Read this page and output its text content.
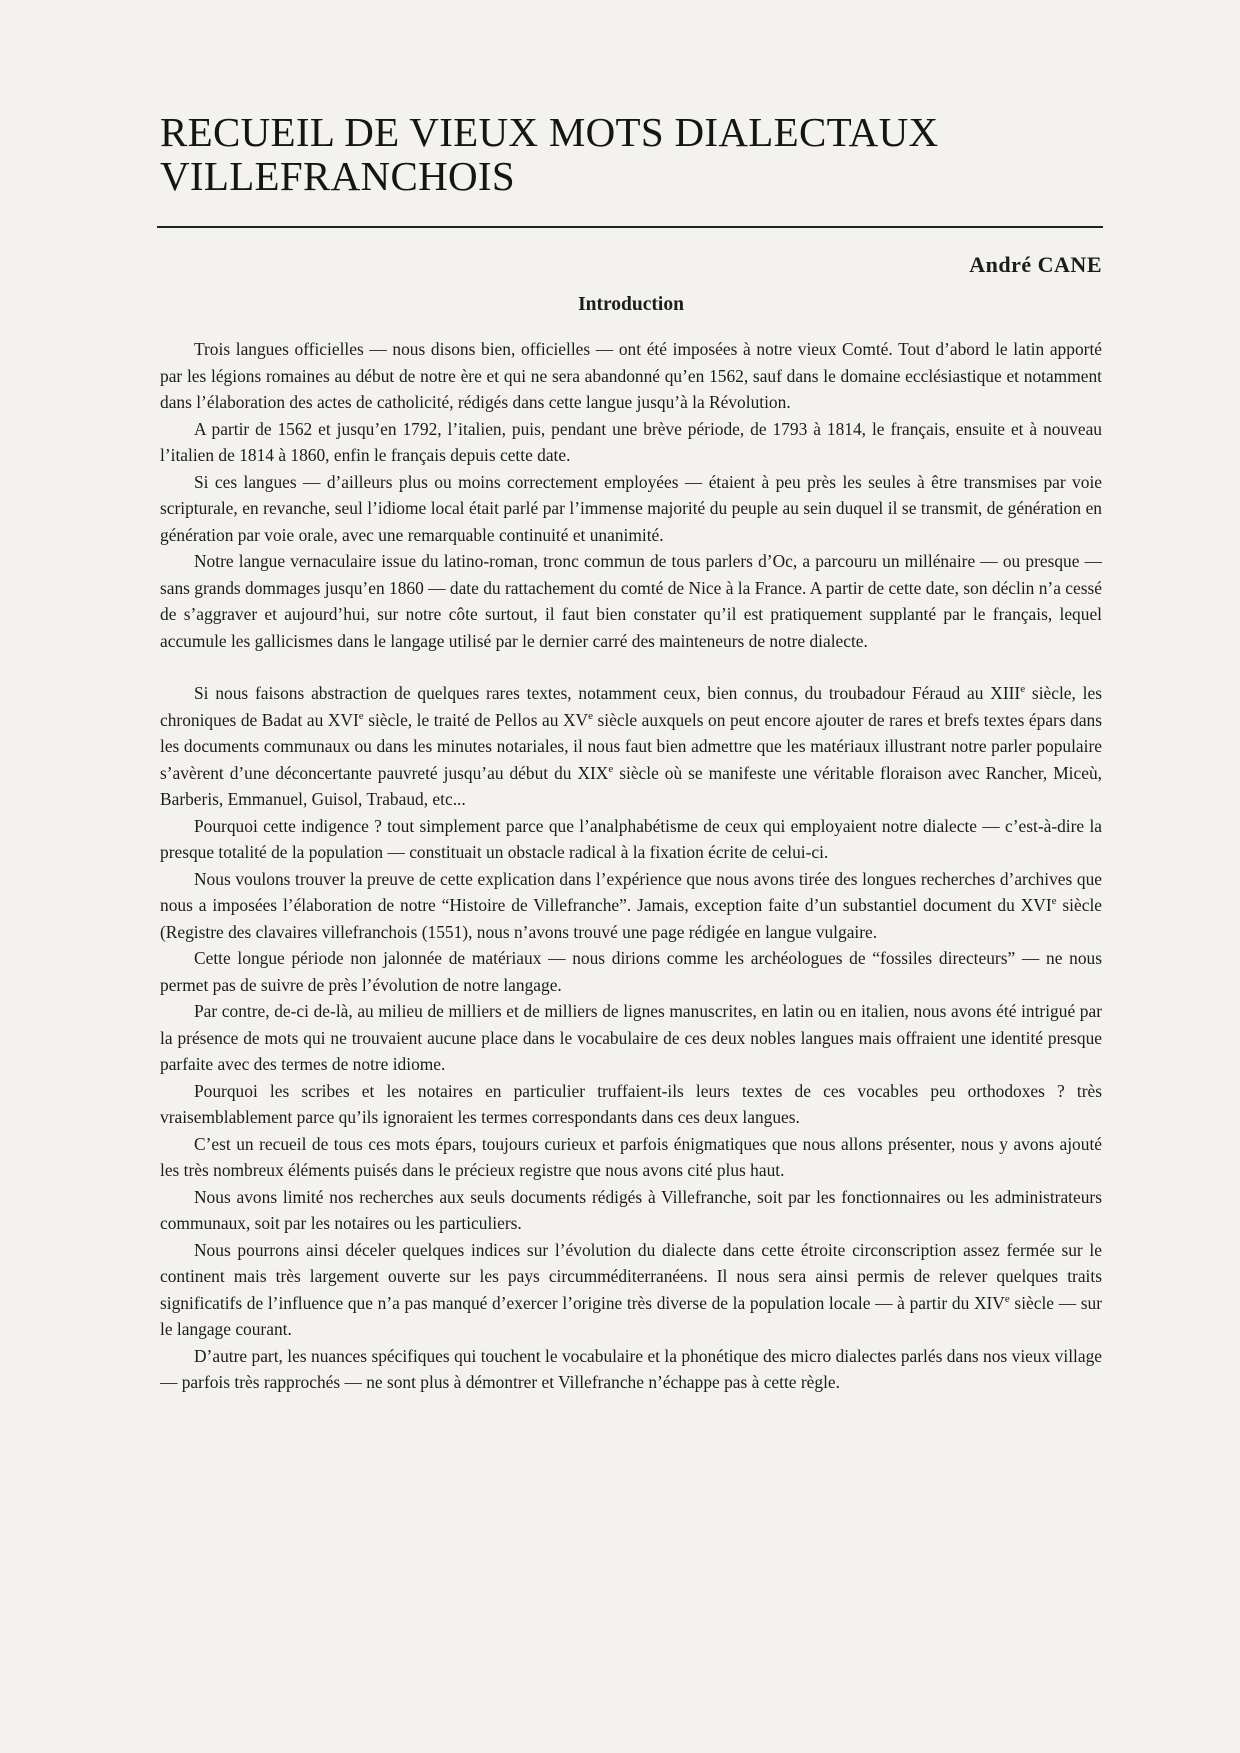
RECUEIL DE VIEUX MOTS DIALECTAUX
VILLEFRANCHOIS
André CANE
Introduction

Trois langues officielles — nous disons bien, officielles — ont été imposées à notre vieux Comté. Tout d’abord le latin apporté par les légions romaines au début de notre ère et qui ne sera abandonné qu’en 1562, sauf dans le domaine ecclésiastique et notamment dans l’élaboration des actes de catholicité, rédigés dans cette langue jusqu’à la Révolution.

A partir de 1562 et jusqu’en 1792, l’italien, puis, pendant une brève période, de 1793 à 1814, le français, ensuite et à nouveau l’italien de 1814 à 1860, enfin le français depuis cette date.

Si ces langues — d’ailleurs plus ou moins correctement employées — étaient à peu près les seules à être transmises par voie scripturale, en revanche, seul l’idiome local était parlé par l’immense majorité du peuple au sein duquel il se transmit, de génération en génération par voie orale, avec une remarquable continuité et unanimité.

Notre langue vernaculaire issue du latino-roman, tronc commun de tous parlers d’Oc, a parcouru un millénaire — ou presque — sans grands dommages jusqu’en 1860 — date du rattachement du comté de Nice à la France. A partir de cette date, son déclin n’a cessé de s’aggraver et aujourd’hui, sur notre côte surtout, il faut bien constater qu’il est pratiquement supplanté par le français, lequel accumule les gallicismes dans le langage utilisé par le dernier carré des mainteneurs de notre dialecte.

Si nous faisons abstraction de quelques rares textes, notamment ceux, bien connus, du troubadour Féraud au XIIIe siècle, les chroniques de Badat au XVIe siècle, le traité de Pellos au XVe siècle auxquels on peut encore ajouter de rares et brefs textes épars dans les documents communaux ou dans les minutes notariales, il nous faut bien admettre que les matériaux illustrant notre parler populaire s’avèrent d’une déconcertante pauvreté jusqu’au début du XIXe siècle où se manifeste une véritable floraison avec Rancher, Miceù, Barberis, Emmanuel, Guisol, Trabaud, etc...

Pourquoi cette indigence ? tout simplement parce que l’analphabétisme de ceux qui employaient notre dialecte — c’est-à-dire la presque totalité de la population — constituait un obstacle radical à la fixation écrite de celui-ci.

Nous voulons trouver la preuve de cette explication dans l’expérience que nous avons tirée des longues recherches d’archives que nous a imposées l’élaboration de notre “Histoire de Villefranche”. Jamais, exception faite d’un substantiel document du XVIe siècle (Registre des clavaires villefranchois (1551), nous n’avons trouvé une page rédigée en langue vulgaire.

Cette longue période non jalonnée de matériaux — nous dirions comme les archéologues de “fossiles directeurs” — ne nous permet pas de suivre de près l’évolution de notre langage.

Par contre, de-ci de-là, au milieu de milliers et de milliers de lignes manuscrites, en latin ou en italien, nous avons été intrigué par la présence de mots qui ne trouvaient aucune place dans le vocabulaire de ces deux nobles langues mais offraient une identité presque parfaite avec des termes de notre idiome.

Pourquoi les scribes et les notaires en particulier truffaient-ils leurs textes de ces vocables peu orthodoxes ? très vraisemblablement parce qu’ils ignoraient les termes correspondants dans ces deux langues.

C’est un recueil de tous ces mots épars, toujours curieux et parfois énigmatiques que nous allons présenter, nous y avons ajouté les très nombreux éléments puisés dans le précieux registre que nous avons cité plus haut.

Nous avons limité nos recherches aux seuls documents rédigés à Villefranche, soit par les fonctionnaires ou les administrateurs communaux, soit par les notaires ou les particuliers.

Nous pourrons ainsi déceler quelques indices sur l’évolution du dialecte dans cette étroite circonscription assez fermée sur le continent mais très largement ouverte sur les pays circumméditerranéens. Il nous sera ainsi permis de relever quelques traits significatifs de l’influence que n’a pas manqué d’exercer l’origine très diverse de la population locale — à partir du XIVe siècle — sur le langage courant.

D’autre part, les nuances spécifiques qui touchent le vocabulaire et la phonétique des micro dialectes parlés dans nos vieux village — parfois très rapprochés — ne sont plus à démontrer et Villefranche n’échappe pas à cette règle.
